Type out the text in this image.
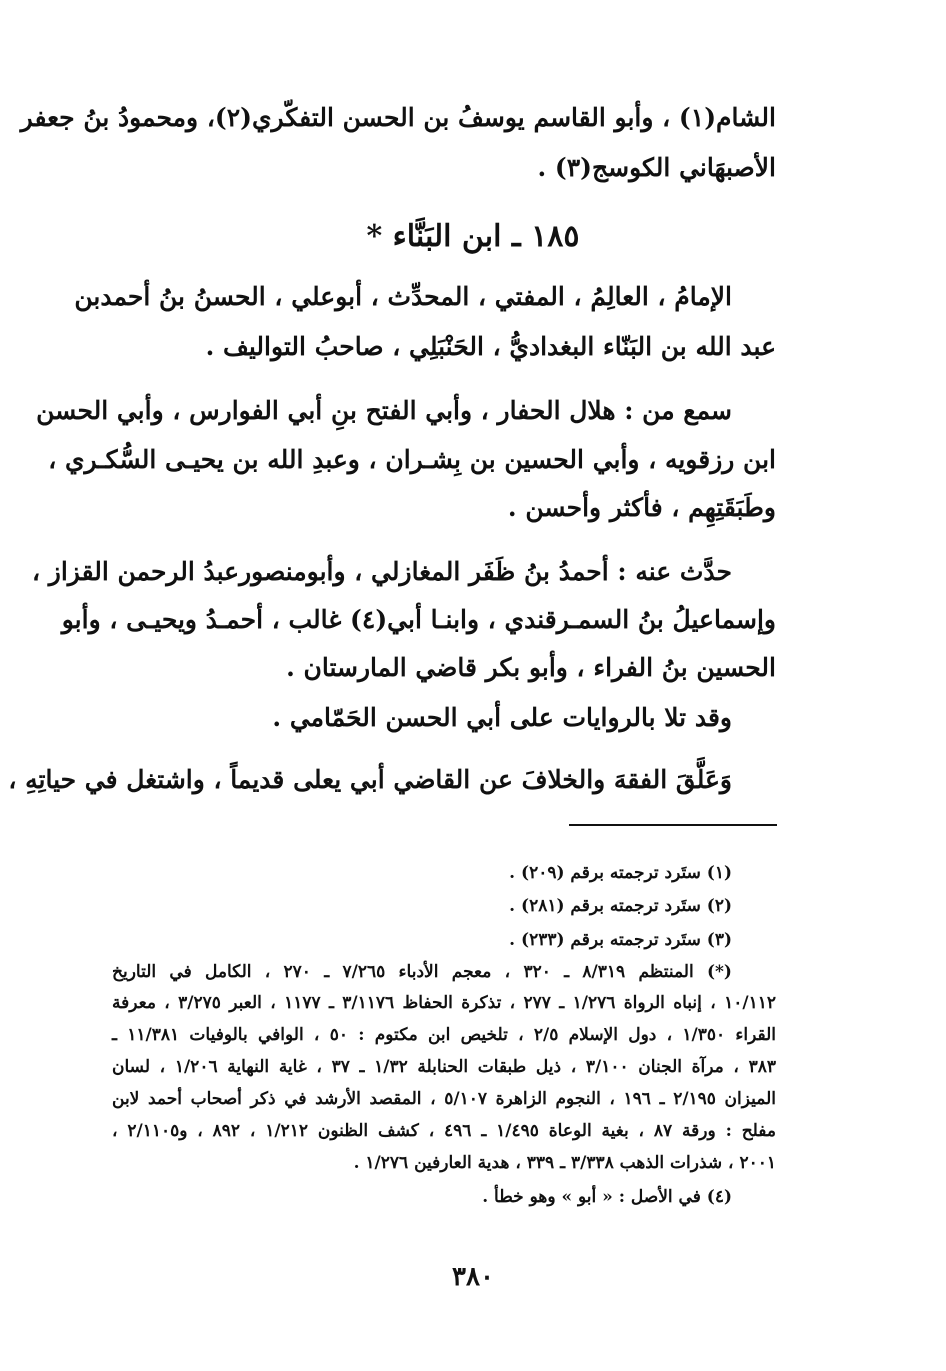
الشام(١) ، وأبو القاسم يوسفُ بن الحسن التفكّري(٢)، ومحمودُ بنُ جعفر
الأصبهَاني الكوسج(٣) .
١٨٥ ـ ابن البَنَّاء *
الإمامُ ، العالِمُ ، المفتي ، المحدِّث ، أبوعلي ، الحسنُ بنُ أحمدبن
عبد الله بن البَنّاء البغداديُّ ، الحَنْبَلِي ، صاحبُ التواليف .
سمع من : هلال الحفار ، وأبي الفتح بنِ أبي الفوارس ، وأبي الحسن
ابن رزقويه ، وأبي الحسين بن بِشـران ، وعبدِ الله بن يحيـى السُّكـري ،
وطَبَقَتِهِم ، فأكثر وأحسن .
حدَّث عنه : أحمدُ بنُ ظَفَر المغازلي ، وأبومنصورعبدُ الرحمن القزاز ،
وإسماعيلُ بنُ السمـرقندي ، وابنـا أبي(٤) غالب ، أحمـدُ ويحيـى ، وأبو
الحسين بنُ الفراء ، وأبو بكر قاضي المارستان .
وقد تلا بالروايات على أبي الحسن الحَمّامي .
وَعَلَّقَ الفقهَ والخلافَ عن القاضي أبي يعلى قديماً ، واشتغل في حياتِهِ ،
(١) ستَرد ترجمته برقم (٢٠٩) .
(٢) ستَرد ترجمته برقم (٢٨١) .
(٣) ستَرد ترجمته برقم (٢٣٣) .
(*) المنتظم ٨/٣١٩ ـ ٣٢٠ ، معجم الأدباء ٧/٢٦٥ ـ ٢٧٠ ، الكامل في التاريخ
١٠/١١٢ ، إنباه الرواة ١/٢٧٦ ـ ٢٧٧ ، تذكرة الحفاظ ٣/١١٧٦ ـ ١١٧٧ ، العبر ٣/٢٧٥ ، معرفة
القراء ١/٣٥٠ ، دول الإسلام ٢/٥ ، تلخيص ابن مكتوم : ٥٠ ، الوافي بالوفيات ١١/٣٨١ ـ
٣٨٣ ، مرآة الجنان ٣/١٠٠ ، ذيل طبقات الحنابلة ١/٣٢ ـ ٣٧ ، غاية النهاية ١/٢٠٦ ، لسان
الميزان ٢/١٩٥ ـ ١٩٦ ، النجوم الزاهرة ٥/١٠٧ ، المقصد الأرشد في ذكر أصحاب أحمد لابن
مفلح : ورقة ٨٧ ، بغية الوعاة ١/٤٩٥ ـ ٤٩٦ ، كشف الظنون ١/٢١٢ ، ٨٩٢ ، و٢/١١٠٥ ،
٢٠٠١ ، شذرات الذهب ٣/٣٣٨ ـ ٣٣٩ ، هدية العارفين ١/٢٧٦ .
(٤) في الأصل : « أبو » وهو خطأ .
٣٨٠
